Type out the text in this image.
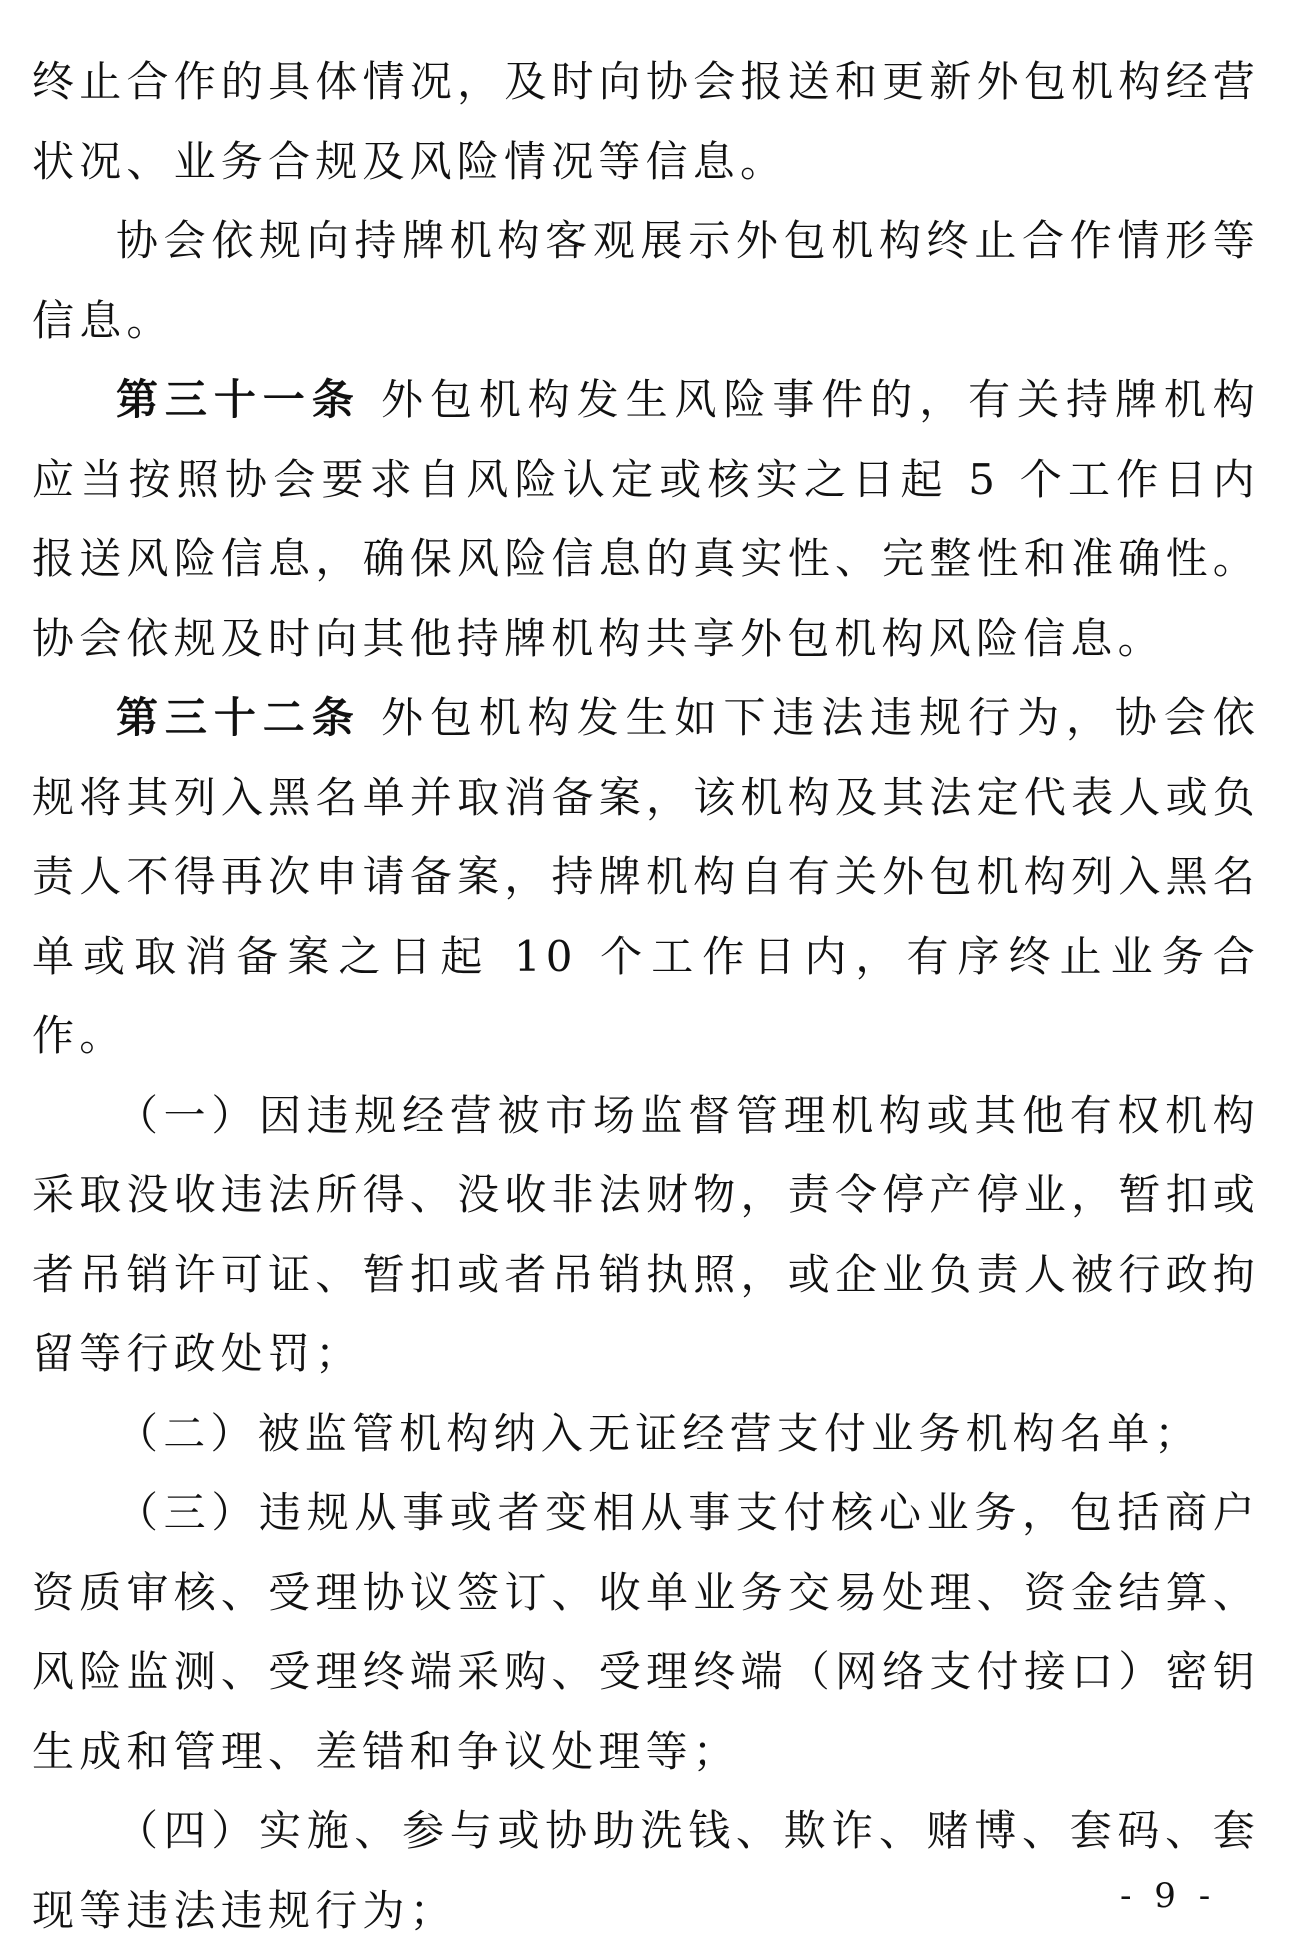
终止合作的具体情况，及时向协会报送和更新外包机构经营状况、业务合规及风险情况等信息。

协会依规向持牌机构客观展示外包机构终止合作情形等信息。

第三十一条 外包机构发生风险事件的，有关持牌机构应当按照协会要求自风险认定或核实之日起 5 个工作日内报送风险信息，确保风险信息的真实性、完整性和准确性。协会依规及时向其他持牌机构共享外包机构风险信息。

第三十二条 外包机构发生如下违法违规行为，协会依规将其列入黑名单并取消备案，该机构及其法定代表人或负责人不得再次申请备案，持牌机构自有关外包机构列入黑名单或取消备案之日起 10 个工作日内，有序终止业务合作。

（一）因违规经营被市场监督管理机构或其他有权机构采取没收违法所得、没收非法财物，责令停产停业，暂扣或者吊销许可证、暂扣或者吊销执照，或企业负责人被行政拘留等行政处罚；

（二）被监管机构纳入无证经营支付业务机构名单；

（三）违规从事或者变相从事支付核心业务，包括商户资质审核、受理协议签订、收单业务交易处理、资金结算、风险监测、受理终端采购、受理终端（网络支付接口）密钥生成和管理、差错和争议处理等；

（四）实施、参与或协助洗钱、欺诈、赌博、套码、套现等违法违规行为；	- 9 -
